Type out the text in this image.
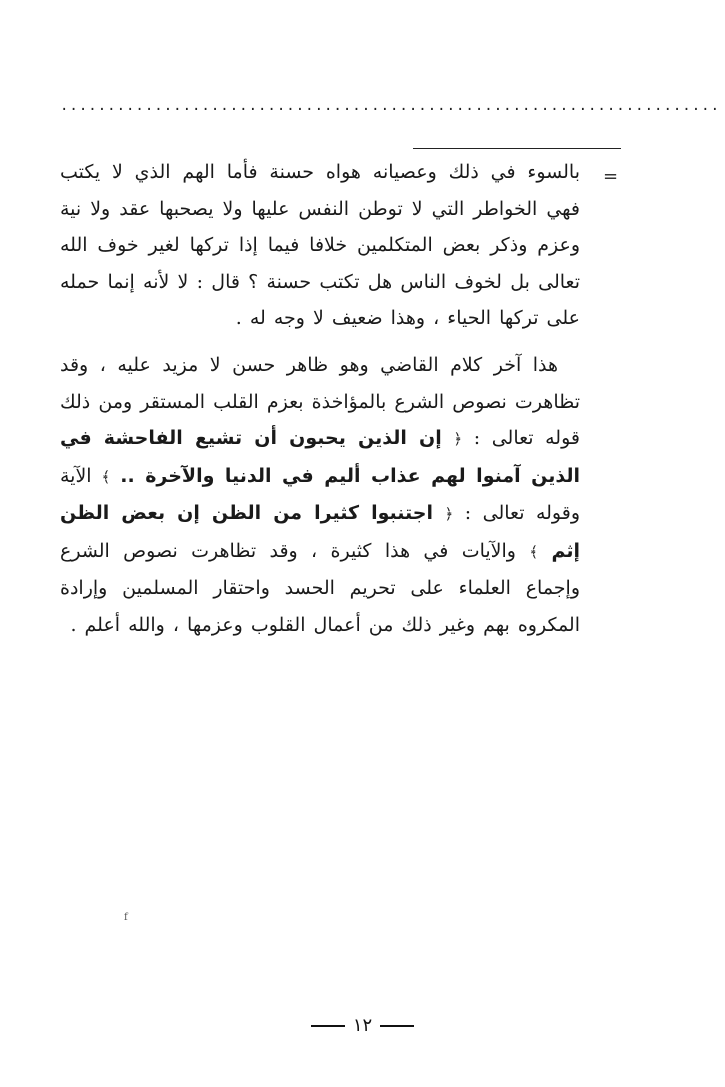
......................................................................
=

بالسوء في ذلك وعصيانه هواه حسنة فأما الهم الذي لا يكتب فهي الخواطر التي لا توطن النفس عليها ولا يصحبها عقد ولا نية وعزم وذكر بعض المتكلمين خلافا فيما إذا تركها لغير خوف الله تعالى بل لخوف الناس هل تكتب حسنة ؟ قال : لا لأنه إنما حمله على تركها الحياء ، وهذا ضعيف لا وجه له .

هذا آخر كلام القاضي وهو ظاهر حسن لا مزيد عليه ، وقد تظاهرت نصوص الشرع بالمؤاخذة بعزم القلب المستقر ومن ذلك قوله تعالى : ﴿ إن الذين يحبون أن تشيع الفاحشة في الذين آمنوا لهم عذاب أليم في الدنيا والآخرة .. ﴾ الآية وقوله تعالى : ﴿ اجتنبوا كثيرا من الظن إن بعض الظن إثم ﴾ والآيات في هذا كثيرة ، وقد تظاهرت نصوص الشرع وإجماع العلماء على تحريم الحسد واحتقار المسلمين وإرادة المكروه بهم وغير ذلك من أعمال القلوب وعزمها ، والله أعلم .

f
١٢
